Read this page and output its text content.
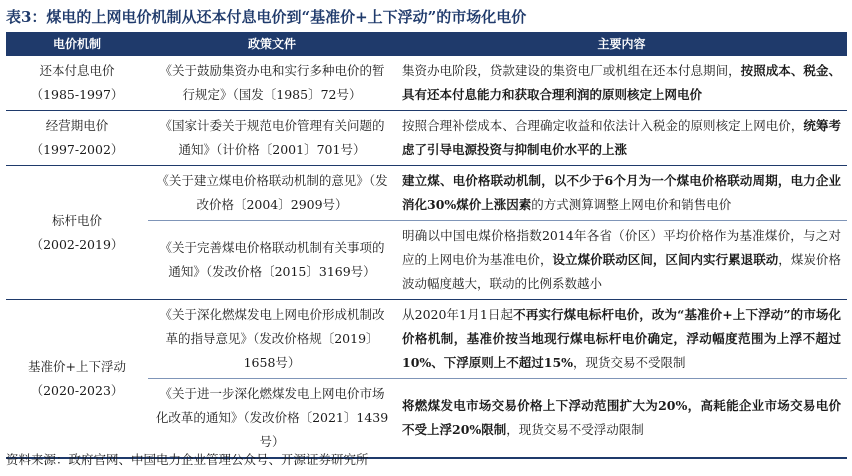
表3：煤电的上网电价机制从还本付息电价到“基准价+上下浮动”的市场化电价
电价机制	政策文件	主要内容

还本付息电价
（1985-1997）	《关于鼓励集资办电和实行多种电价的暂行规定》（国发〔1985〕72号）	集资办电阶段，贷款建设的集资电厂或机组在还本付息期间，按照成本、税金、具有还本付息能力和获取合理利润的原则核定上网电价

经营期电价
（1997-2002）	《国家计委关于规范电价管理有关问题的通知》（计价格〔2001〕701号）	按照合理补偿成本、合理确定收益和依法计入税金的原则核定上网电价，统筹考虑了引导电源投资与抑制电价水平的上涨

标杆电价
（2002-2019）	《关于建立煤电价格联动机制的意见》（发改价格〔2004〕2909号）	建立煤、电价格联动机制，以不少于6个月为一个煤电价格联动周期，电力企业消化30%煤价上涨因素的方式测算调整上网电价和销售电价
	《关于完善煤电价格联动机制有关事项的通知》（发改价格〔2015〕3169号）	明确以中国电煤价格指数2014年各省（价区）平均价格作为基准煤价，与之对应的上网电价为基准电价，设立煤价联动区间，区间内实行累退联动，煤炭价格波动幅度越大，联动的比例系数越小

基准价+上下浮动
（2020-2023）	《关于深化燃煤发电上网电价形成机制改革的指导意见》（发改价格规〔2019〕1658号）	从2020年1月1日起不再实行煤电标杆电价，改为“基准价+上下浮动”的市场化价格机制，基准价按当地现行煤电标杆电价确定，浮动幅度范围为上浮不超过10%、下浮原则上不超过15%，现货交易不受限制
	《关于进一步深化燃煤发电上网电价市场化改革的通知》（发改价格〔2021〕1439号）	将燃煤发电市场交易价格上下浮动范围扩大为20%，高耗能企业市场交易电价不受上浮20%限制，现货交易不受浮动限制
资料来源：政府官网、中国电力企业管理公众号、开源证券研究所
